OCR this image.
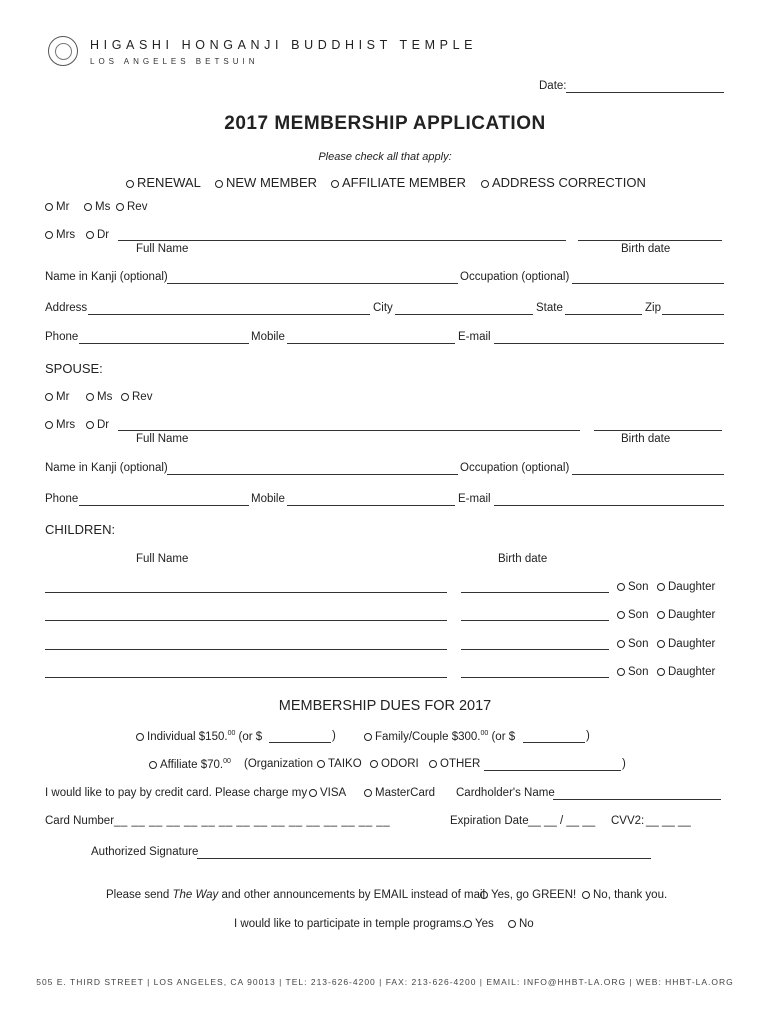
HIGASHI HONGANJI BUDDHIST TEMPLE
LOS ANGELES BETSUIN
Date:
2017 MEMBERSHIP APPLICATION
Please check all that apply:
RENEWAL	NEW MEMBER	AFFILIATE MEMBER	ADDRESS CORRECTION
Mr	Ms	Rev
Mrs	Dr
Full Name	Birth date
Name in Kanji (optional)	Occupation (optional)
Address	City	State	Zip
Phone	Mobile	E-mail
SPOUSE:
Mr	Ms	Rev
Mrs	Dr
Full Name	Birth date
Name in Kanji (optional)	Occupation (optional)
Phone	Mobile	E-mail
CHILDREN:
Full Name	Birth date
Son	Daughter
Son	Daughter
Son	Daughter
Son	Daughter
MEMBERSHIP DUES FOR 2017
Individual $150.00 (or $	)	Family/Couple $300.00 (or $	)
Affiliate $70.00 (Organization	TAIKO	ODORI	OTHER	)
I would like to pay by credit card. Please charge my	VISA	MasterCard Cardholder's Name
Card Number __ __ __ __ __ __ __ __ __ __ __ __ __ __ __ __	Expiration Date __ __ / __ __ CVV2: __ __ __
Authorized Signature
Please send The Way and other announcements by EMAIL instead of mail. Yes, go GREEN!	No, thank you.
I would like to participate in temple programs. Yes	No
505 E. THIRD STREET | LOS ANGELES, CA 90013 | TEL: 213-626-4200 | FAX: 213-626-4200 | EMAIL: INFO@HHBT-LA.ORG | WEB: HHBT-LA.ORG
